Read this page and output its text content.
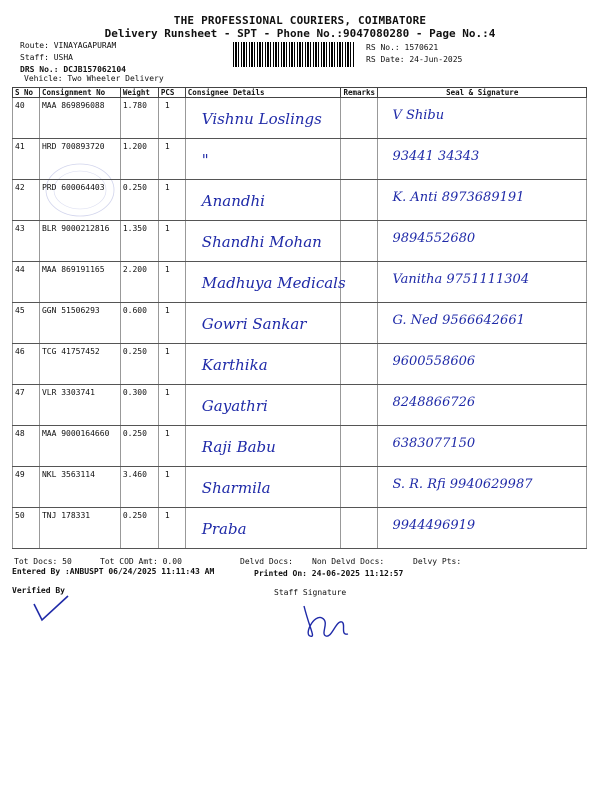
THE PROFESSIONAL COURIERS, COIMBATORE
Delivery Runsheet - SPT - Phone No.:9047080280 - Page No.:4
Route: VINAYAGAPURAM
Staff: USHA
DRS No.: DCJB157062104
Vehicle: Two Wheeler Delivery
RS No.: 1570621
RS Date: 24-Jun-2025
S No	Consignment No	Weight	PCS	Consignee Details	Remarks	Seal & Signature
40	MAA 869896088	1.780	1	Vishnu Loslings		V Shibu

41	HRD 700893720	1.200	1	"		93441 34343

42	PRD 600064403	0.250	1	Anandhi		K. Anti 8973689191

43	BLR 9000212816	1.350	1	Shandhi Mohan		9894552680

44	MAA 869191165	2.200	1	Madhuya Medicals		Vanitha 9751111304

45	GGN 51506293	0.600	1	Gowri Sankar		G. Ned 9566642661

46	TCG 41757452	0.250	1	Karthika		9600558606

47	VLR 3303741	0.300	1	Gayathri		8248866726

48	MAA 9000164660	0.250	1	Raji Babu		6383077150

49	NKL 3563114	3.460	1	Sharmila		S. R. Rfi 9940629987

50	TNJ 178331	0.250	1	Praba		9944496919
Tot Docs: 50	Tot COD Amt: 0.00	Delvd Docs: Non Delvd Docs:	Delvy Pts:
Entered By :ANBUSPT 06/24/2025 11:11:43 AM	Printed On: 24-06-2025 11:12:57
Verified By	Staff Signature
